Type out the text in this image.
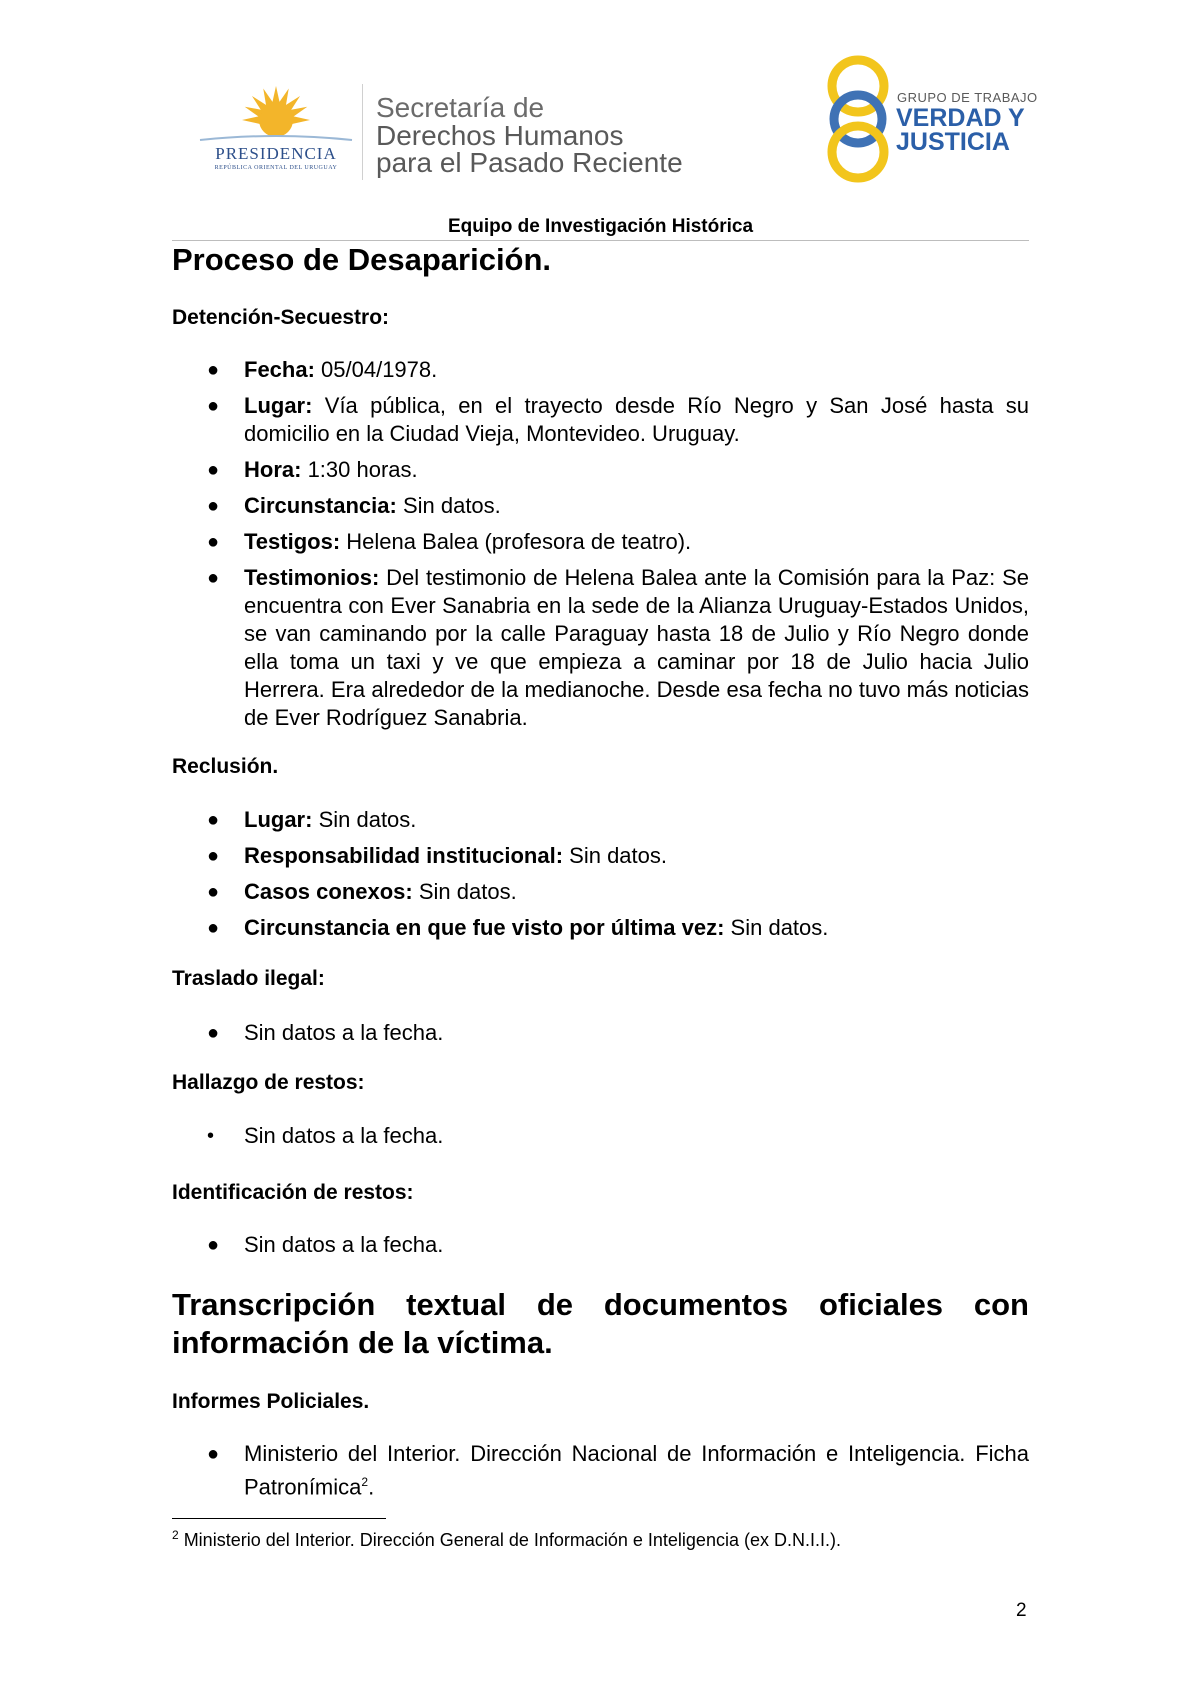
PRESIDENCIA
REPÚBLICA ORIENTAL DEL URUGUAY
Secretaría de
Derechos Humanos
para el Pasado Reciente
GRUPO DE TRABAJO
VERDAD Y
JUSTICIA
Equipo de Investigación Histórica
Proceso de Desaparición.
Detención-Secuestro:
● Fecha: 05/04/1978.
● Lugar: Vía pública, en el trayecto desde Río Negro y San José hasta su domicilio en la Ciudad Vieja, Montevideo. Uruguay.
● Hora: 1:30 horas.
● Circunstancia: Sin datos.
● Testigos: Helena Balea (profesora de teatro).
● Testimonios: Del testimonio de Helena Balea ante la Comisión para la Paz: Se encuentra con Ever Sanabria en la sede de la Alianza Uruguay-Estados Unidos, se van caminando por la calle Paraguay hasta 18 de Julio y Río Negro donde ella toma un taxi y ve que empieza a caminar por 18 de Julio hacia Julio Herrera. Era alrededor de la medianoche. Desde esa fecha no tuvo más noticias de Ever Rodríguez Sanabria.
Reclusión.
● Lugar: Sin datos.
● Responsabilidad institucional: Sin datos.
● Casos conexos: Sin datos.
● Circunstancia en que fue visto por última vez: Sin datos.
Traslado ilegal:
● Sin datos a la fecha.
Hallazgo de restos:
• Sin datos a la fecha.
Identificación de restos:
● Sin datos a la fecha.
Transcripción textual de documentos oficiales con
información de la víctima.
Informes Policiales.
● Ministerio del Interior. Dirección Nacional de Información e Inteligencia. Ficha Patronímica$^2$.
$^2$ Ministerio del Interior. Dirección General de Información e Inteligencia (ex D.N.I.I.).
2
